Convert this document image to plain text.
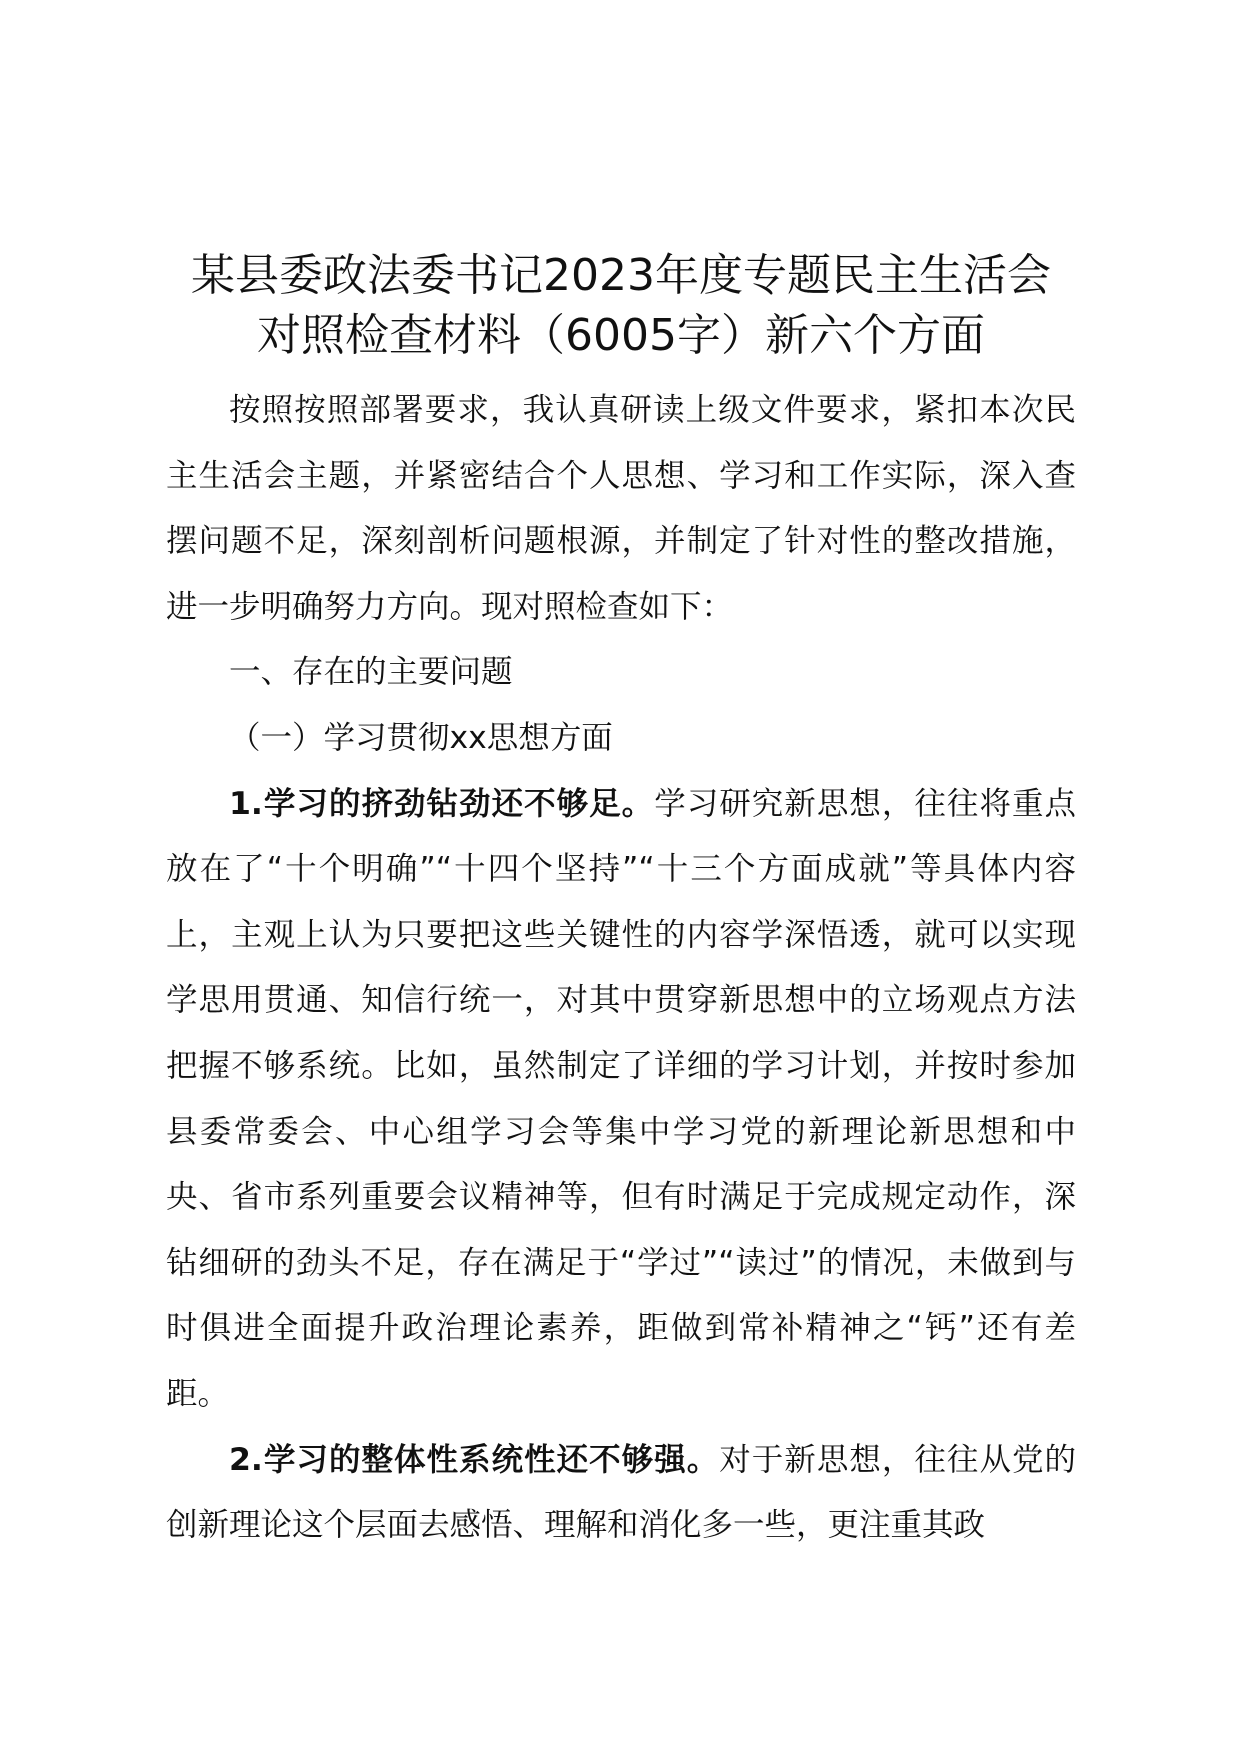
某县委政法委书记2023年度专题民主生活会
对照检查材料（6005字）新六个方面

按照按照部署要求，我认真研读上级文件要求，紧扣本次民主生活会主题，并紧密结合个人思想、学习和工作实际，深入查摆问题不足，深刻剖析问题根源，并制定了针对性的整改措施，进一步明确努力方向。现对照检查如下：

一、存在的主要问题

（一）学习贯彻xx思想方面

1.学习的挤劲钻劲还不够足。学习研究新思想，往往将重点放在了“十个明确”“十四个坚持”“十三个方面成就”等具体内容上，主观上认为只要把这些关键性的内容学深悟透，就可以实现学思用贯通、知信行统一，对其中贯穿新思想中的立场观点方法把握不够系统。比如，虽然制定了详细的学习计划，并按时参加县委常委会、中心组学习会等集中学习党的新理论新思想和中央、省市系列重要会议精神等，但有时满足于完成规定动作，深钻细研的劲头不足，存在满足于“学过”“读过”的情况，未做到与时俱进全面提升政治理论素养，距做到常补精神之“钙”还有差距。

2.学习的整体性系统性还不够强。对于新思想，往往从党的创新理论这个层面去感悟、理解和消化多一些，更注重其政
